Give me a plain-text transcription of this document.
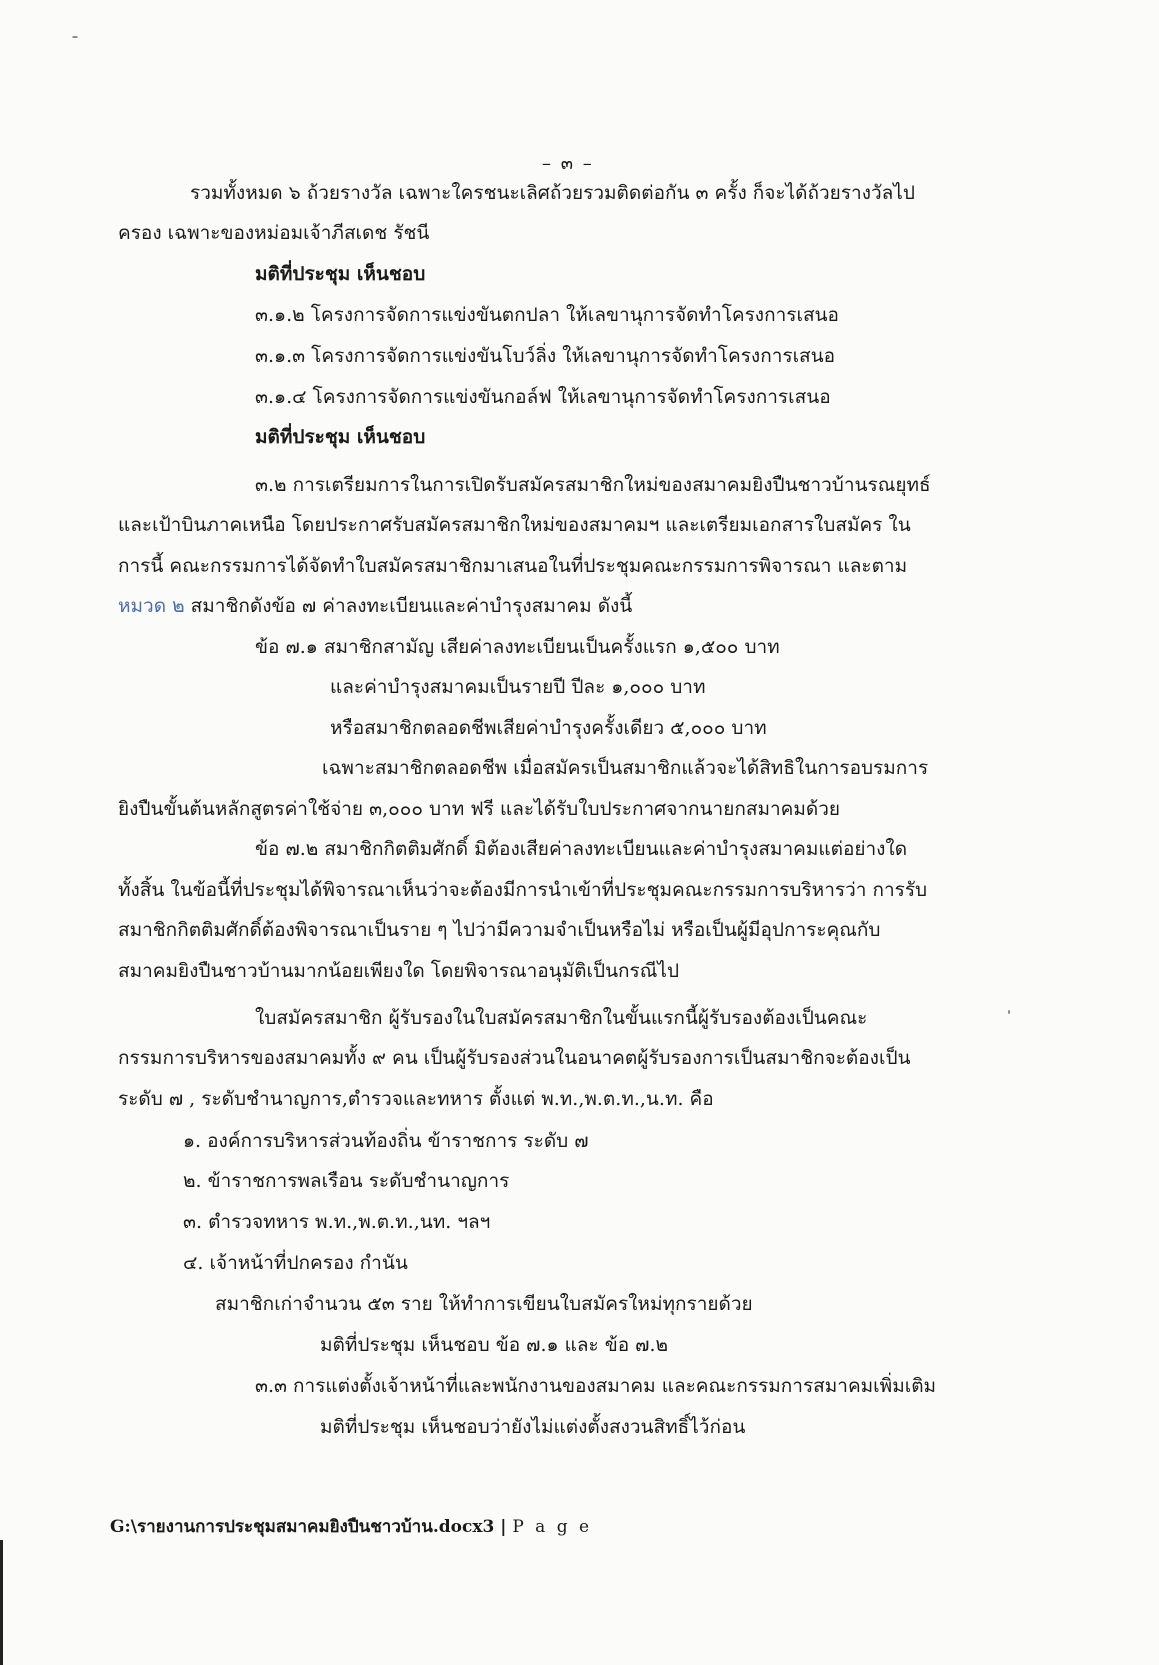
– ๓ –
รวมทั้งหมด ๖ ถ้วยรางวัล เฉพาะใครชนะเลิศถ้วยรวมติดต่อกัน ๓ ครั้ง ก็จะได้ถ้วยรางวัลไป
ครอง เฉพาะของหม่อมเจ้าภีสเดช รัชนี
มติที่ประชุม เห็นชอบ
๓.๑.๒ โครงการจัดการแข่งขันตกปลา ให้เลขานุการจัดทำโครงการเสนอ
๓.๑.๓ โครงการจัดการแข่งขันโบว์ลิ่ง ให้เลขานุการจัดทำโครงการเสนอ
๓.๑.๔ โครงการจัดการแข่งขันกอล์ฟ ให้เลขานุการจัดทำโครงการเสนอ
มติที่ประชุม เห็นชอบ
๓.๒ การเตรียมการในการเปิดรับสมัครสมาชิกใหม่ของสมาคมยิงปืนชาวบ้านรณยุทธ์
และเป้าบินภาคเหนือ โดยประกาศรับสมัครสมาชิกใหม่ของสมาคมฯ และเตรียมเอกสารใบสมัคร ใน
การนี้ คณะกรรมการได้จัดทำใบสมัครสมาชิกมาเสนอในที่ประชุมคณะกรรมการพิจารณา และตาม
หมวด ๒ สมาชิกดังข้อ ๗ ค่าลงทะเบียนและค่าบำรุงสมาคม ดังนี้
ข้อ ๗.๑ สมาชิกสามัญ เสียค่าลงทะเบียนเป็นครั้งแรก ๑,๕๐๐ บาท
และค่าบำรุงสมาคมเป็นรายปี ปีละ ๑,๐๐๐ บาท
หรือสมาชิกตลอดชีพเสียค่าบำรุงครั้งเดียว ๕,๐๐๐ บาท
เฉพาะสมาชิกตลอดชีพ เมื่อสมัครเป็นสมาชิกแล้วจะได้สิทธิในการอบรมการ
ยิงปืนขั้นต้นหลักสูตรค่าใช้จ่าย ๓,๐๐๐ บาท ฟรี และได้รับใบประกาศจากนายกสมาคมด้วย
ข้อ ๗.๒ สมาชิกกิตติมศักดิ์ มิต้องเสียค่าลงทะเบียนและค่าบำรุงสมาคมแต่อย่างใด
ทั้งสิ้น ในข้อนี้ที่ประชุมได้พิจารณาเห็นว่าจะต้องมีการนำเข้าที่ประชุมคณะกรรมการบริหารว่า การรับ
สมาชิกกิตติมศักดิ์ต้องพิจารณาเป็นราย ๆ ไปว่ามีความจำเป็นหรือไม่ หรือเป็นผู้มีอุปการะคุณกับ
สมาคมยิงปืนชาวบ้านมากน้อยเพียงใด โดยพิจารณาอนุมัติเป็นกรณีไป
ใบสมัครสมาชิก ผู้รับรองในใบสมัครสมาชิกในขั้นแรกนี้ผู้รับรองต้องเป็นคณะ
กรรมการบริหารของสมาคมทั้ง ๙ คน เป็นผู้รับรองส่วนในอนาคตผู้รับรองการเป็นสมาชิกจะต้องเป็น
ระดับ ๗ , ระดับชำนาญการ,ตำรวจและทหาร ตั้งแต่ พ.ท.,พ.ต.ท.,น.ท. คือ
๑. องค์การบริหารส่วนท้องถิ่น ข้าราชการ ระดับ ๗
๒. ข้าราชการพลเรือน ระดับชำนาญการ
๓. ตำรวจทหาร พ.ท.,พ.ต.ท.,นท. ฯลฯ
๔. เจ้าหน้าที่ปกครอง กำนัน
สมาชิกเก่าจำนวน ๕๓ ราย ให้ทำการเขียนใบสมัครใหม่ทุกรายด้วย
มติที่ประชุม เห็นชอบ ข้อ ๗.๑ และ ข้อ ๗.๒
๓.๓ การแต่งตั้งเจ้าหน้าที่และพนักงานของสมาคม และคณะกรรมการสมาคมเพิ่มเติม
มติที่ประชุม เห็นชอบว่ายังไม่แต่งตั้งสงวนสิทธิ์ไว้ก่อน
G:\รายงานการประชุมสมาคมยิงปืนชาวบ้าน.docx3 | P a g e
